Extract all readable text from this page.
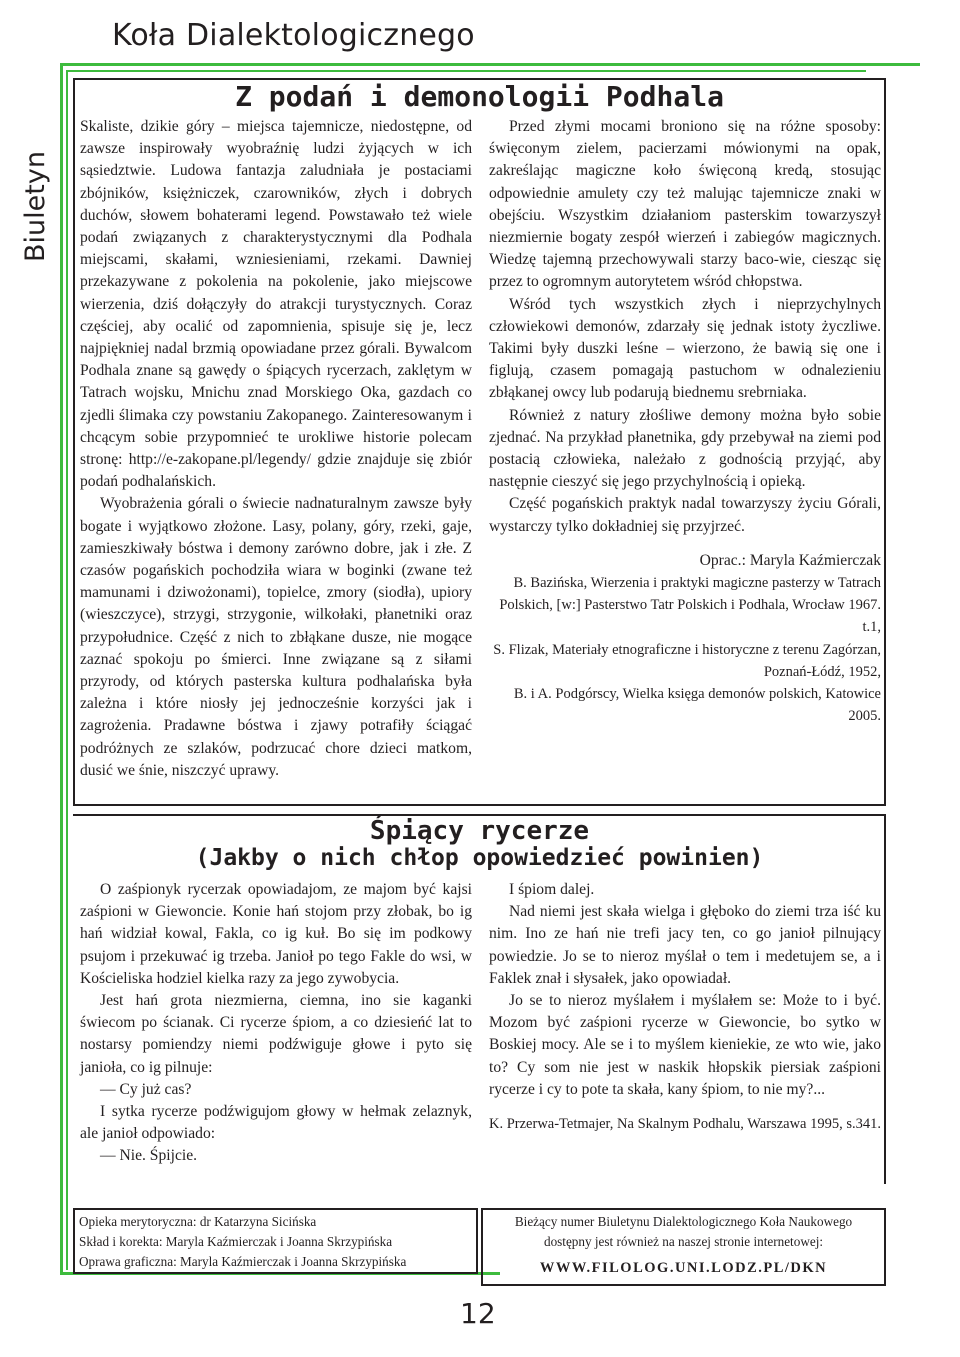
Koła Dialektologicznego
Biuletyn
Z podań i demonologii Podhala

Skaliste, dzikie góry – miejsca tajemnicze, niedostępne, od zawsze inspirowały wyobraźnię ludzi żyjących w ich sąsiedztwie. Ludowa fantazja zaludniała je postaciami zbójników, księżniczek, czarowników, złych i dobrych duchów, słowem bohaterami legend. Powstawało też wiele podań związanych z charakterystycznymi dla Podhala miejscami, skałami, wzniesieniami, rzekami. Dawniej przekazywane z pokolenia na pokolenie, jako miejscowe wierzenia, dziś dołączyły do atrakcji turystycznych. Coraz częściej, aby ocalić od zapomnienia, spisuje się je, lecz najpiękniej nadal brzmią opowiadane przez górali. Bywalcom Podhala znane są gawędy o śpiących rycerzach, zaklętym w Tatrach wojsku, Mnichu znad Morskiego Oka, gazdach co zjedli ślimaka czy powstaniu Zakopanego. Zainteresowanym i chcącym sobie przypomnieć te urokliwe historie polecam stronę: http://e-zakopane.pl/legendy/ gdzie znajduje się zbiór podań podhalańskich.

Wyobrażenia górali o świecie nadnaturalnym zawsze były bogate i wyjątkowo złożone. Lasy, polany, góry, rzeki, gaje, zamieszkiwały bóstwa i demony zarówno dobre, jak i złe. Z czasów pogańskich pochodziła wiara w boginki (zwane też mamunami i dziwożonami), topielce, zmory (siodła), upiory (wieszczyce), strzygi, strzygonie, wilkołaki, płanetniki oraz przypołudnice. Część z nich to zbłąkane dusze, nie mogące zaznać spokoju po śmierci. Inne związane są z siłami przyrody, od których pasterska kultura podhalańska była zależna i które niosły jej jednocześnie korzyści jak i zagrożenia. Pradawne bóstwa i zjawy potrafiły ściągać podróżnych ze szlaków, podrzucać chore dzieci matkom, dusić we śnie, niszczyć uprawy.

Przed złymi mocami broniono się na różne sposoby: święconym zielem, pacierzami mówionymi na opak, zakreślając magiczne koło święconą kredą, stosując odpowiednie amulety czy też malując tajemnicze znaki w obejściu. Wszystkim działaniom pasterskim towarzyszył niezmiernie bogaty zespół wierzeń i zabiegów magicznych. Wiedzę tajemną przechowywali starzy baco-wie, ciesząc się przez to ogromnym autorytetem wśród chłopstwa.

Wśród tych wszystkich złych i nieprzychylnych człowiekowi demonów, zdarzały się jednak istoty życzliwe. Takimi były duszki leśne – wierzono, że bawią się one i figlują, czasem pomagają pastuchom w odnalezieniu zbłąkanej owcy lub podarują biednemu srebrniaka.

Również z natury złośliwe demony można było sobie zjednać. Na przykład płanetnika, gdy przebywał na ziemi pod postacią człowieka, należało z godnością przyjąć, aby następnie cieszyć się jego przychylnością i opieką.

Część pogańskich praktyk nadal towarzyszy życiu Górali, wystarczy tylko dokładniej się przyjrzeć.

Oprac.: Maryla Kaźmierczak

B. Bazińska, Wierzenia i praktyki magiczne pasterzy w Tatrach Polskich, [w:] Pasterstwo Tatr Polskich i Podhala, Wrocław 1967. t.1,

S. Flizak, Materiały etnograficzne i historyczne z terenu Zagórzan, Poznań-Łódź, 1952,

B. i A. Podgórscy, Wielka księga demonów polskich, Katowice 2005.

Śpiący rycerze
(Jakby o nich chłop opowiedzieć powinien)

O zaśpionyk rycerzak opowiadajom, ze majom być kajsi zaśpioni w Giewoncie. Konie hań stojom przy złobak, bo ig hań widział kowal, Fakla, co ig kuł. Bo się im podkowy psujom i przekuwać ig trzeba. Janioł po tego Fakle do wsi, w Kościeliska hodziel kielka razy za jego zywobycia.

Jest hań grota niezmierna, ciemna, ino sie kaganki świecom po ścianak. Ci rycerze śpiom, a co dziesieńć lat to nostarsy pomiendzy niemi podźwiguje głowe i pyto się janioła, co ig pilnuje:

— Cy już cas?

I sytka rycerze podźwigujom głowy w hełmak zelaznyk, ale janioł odpowiado:

— Nie. Śpijcie.

I śpiom dalej.

Nad niemi jest skała wielga i głęboko do ziemi trza iść ku nim. Ino ze hań nie trefi jacy ten, co go janioł pilnujący powiedzie. Jo se to nieroz myślał o tem i medetujem se, a i Faklek znał i słysałek, jako opowiadał.

Jo se to nieroz myślałem i myślałem se: Może to i być. Mozom być zaśpioni rycerze w Giewoncie, bo sytko w Boskiej mocy. Ale se i to myślem kieniekie, ze wto wie, jako to? Cy som nie jest w naskik hłopskik piersiak zaśpioni rycerze i cy to pote ta skała, kany śpiom, to nie my?...

K. Przerwa-Tetmajer, Na Skalnym Podhalu, Warszawa 1995, s.341.

Opieka merytoryczna: dr Katarzyna Sicińska

Skład i korekta: Maryla Kaźmierczak i Joanna Skrzypińska

Oprawa graficzna: Maryla Kaźmierczak i Joanna Skrzypińska

Bieżący numer Biuletynu Dialektologicznego Koła Naukowego

dostępny jest również na naszej stronie internetowej:

WWW.FILOLOG.UNI.LODZ.PL/DKN

12
